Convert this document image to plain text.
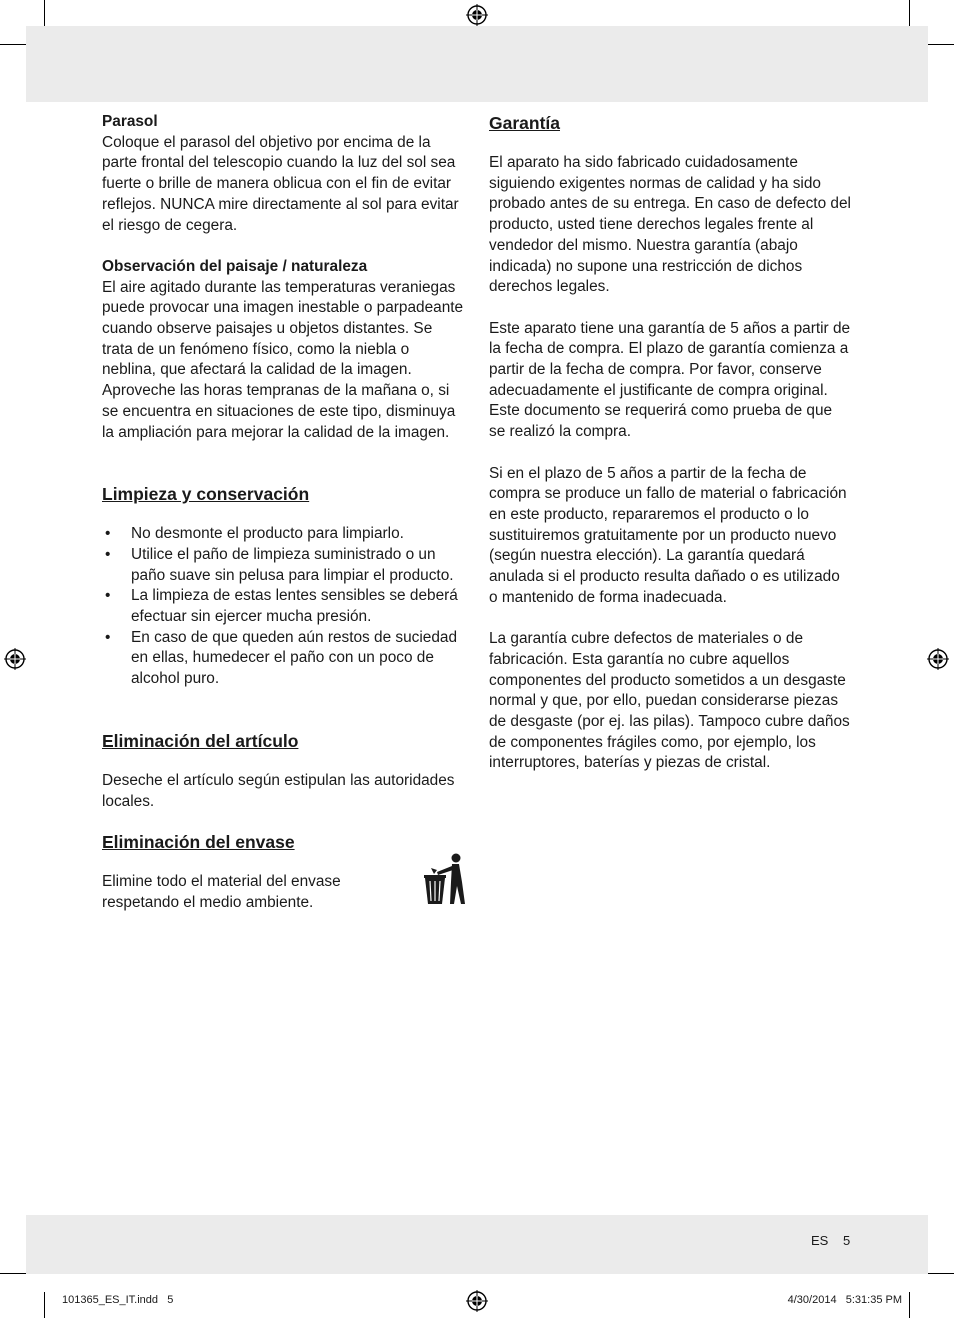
Parasol

Coloque el parasol del objetivo por encima de la parte frontal del telescopio cuando la luz del sol sea fuerte o brille de manera oblicua con el fin de evitar reflejos. NUNCA mire directamente al sol para evitar el riesgo de cegera.

Observación del paisaje / naturaleza

El aire agitado durante las temperaturas veraniegas puede provocar una imagen inestable o parpadeante cuando observe paisajes u objetos distantes. Se trata de un fenómeno físico, como la niebla o neblina, que afectará la calidad de la imagen. Aproveche las horas tempranas de la mañana o, si se encuentra en situaciones de este tipo, disminuya la ampliación para mejorar la calidad de la imagen.

Limpieza y conservación
• No desmonte el producto para limpiarlo.
• Utilice el paño de limpieza suministrado o un paño suave sin pelusa para limpiar el producto.
• La limpieza de estas lentes sensibles se deberá efectuar sin ejercer mucha presión.
• En caso de que queden aún restos de suciedad en ellas, humedecer el paño con un poco de alcohol puro.
Eliminación del artículo

Deseche el artículo según estipulan las autoridades locales.

Eliminación del envase

Elimine todo el material del envase respetando el medio ambiente.

Garantía

El aparato ha sido fabricado cuidadosamente siguiendo exigentes normas de calidad y ha sido probado antes de su entrega. En caso de defecto del producto, usted tiene derechos legales frente al vendedor del mismo. Nuestra garantía (abajo indicada) no supone una restricción de dichos derechos legales.

Este aparato tiene una garantía de 5 años a partir de la fecha de compra. El plazo de garantía comienza a partir de la fecha de compra. Por favor, conserve adecuadamente el justificante de compra original. Este documento se requerirá como prueba de que se realizó la compra.

Si en el plazo de 5 años a partir de la fecha de compra se produce un fallo de material o fabricación en este producto, repararemos el producto o lo sustituiremos gratuitamente por un producto nuevo (según nuestra elección). La garantía quedará anulada si el producto resulta dañado o es utilizado o mantenido de forma inadecuada.

La garantía cubre defectos de materiales o de fabricación. Esta garantía no cubre aquellos componentes del producto sometidos a un desgaste normal y que, por ello, puedan considerarse piezas de desgaste (por ej. las pilas). Tampoco cubre daños de componentes frágiles como, por ejemplo, los interruptores, baterías y piezas de cristal.

ES 5
101365_ES_IT.indd   5	4/30/2014   5:31:35 PM
